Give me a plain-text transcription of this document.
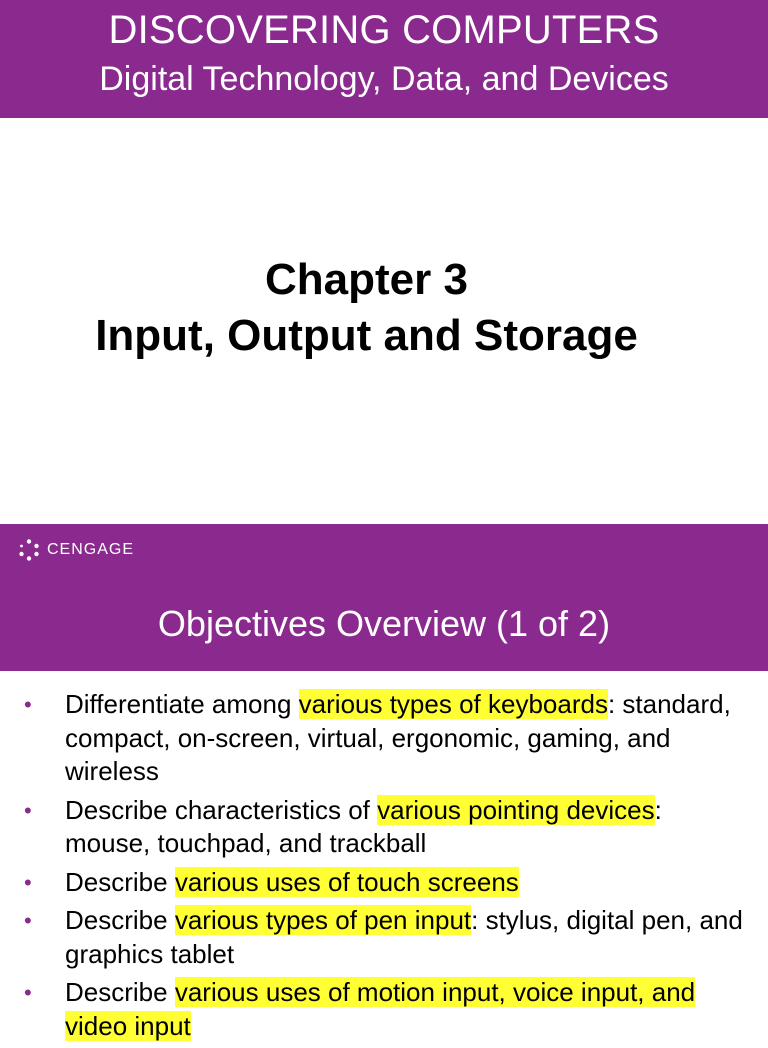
DISCOVERING COMPUTERS
Digital Technology, Data, and Devices
Chapter 3
Input, Output and Storage
CENGAGE
Objectives Overview (1 of 2)
• Differentiate among various types of keyboards: standard, compact, on-screen, virtual, ergonomic, gaming, and wireless
• Describe characteristics of various pointing devices: mouse, touchpad, and trackball
• Describe various uses of touch screens
• Describe various types of pen input: stylus, digital pen, and graphics tablet
• Describe various uses of motion input, voice input, and video input
